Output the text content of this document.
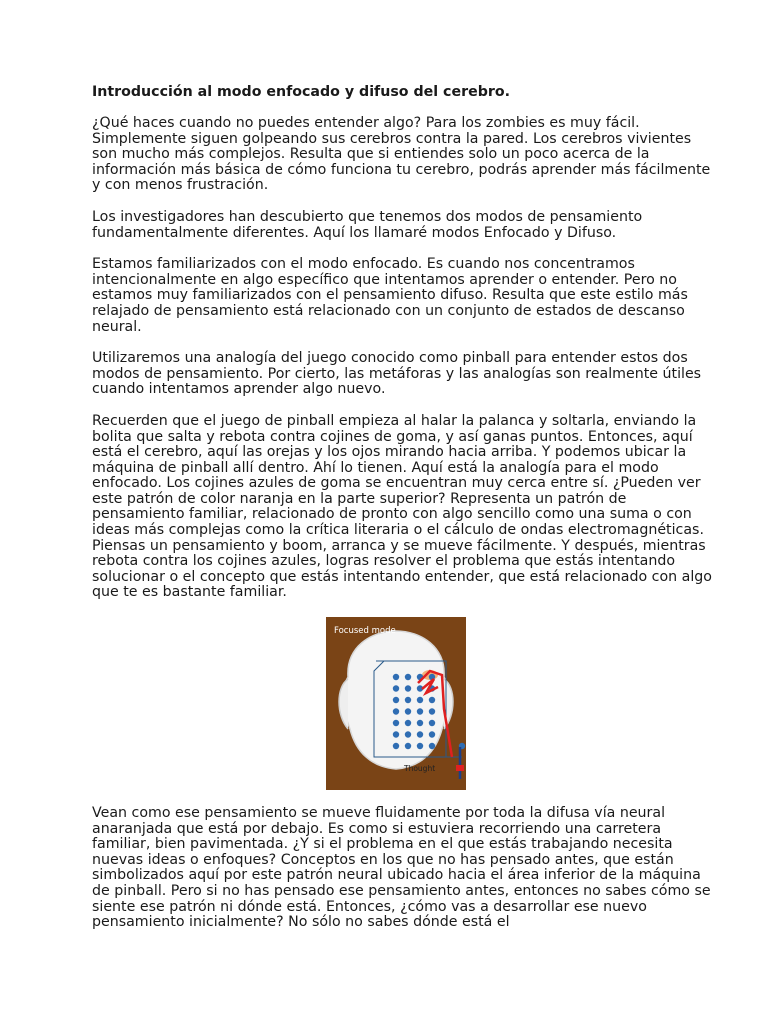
Introducción al modo enfocado y difuso del cerebro.

¿Qué haces cuando no puedes entender algo? Para los zombies es muy fácil. Simplemente siguen golpeando sus cerebros contra la pared. Los cerebros vivientes son mucho más complejos. Resulta que si entiendes solo un poco acerca de la información más básica de cómo funciona tu cerebro, podrás aprender más fácilmente y con menos frustración.

Los investigadores han descubierto que tenemos dos modos de pensamiento fundamentalmente diferentes. Aquí los llamaré modos Enfocado y Difuso.

Estamos familiarizados con el modo enfocado. Es cuando nos concentramos intencionalmente en algo específico que intentamos aprender o entender. Pero no estamos muy familiarizados con el pensamiento difuso. Resulta que este estilo más relajado de pensamiento está relacionado con un conjunto de estados de descanso neural.

Utilizaremos una analogía del juego conocido como pinball para entender estos dos modos de pensamiento. Por cierto, las metáforas y las analogías son realmente útiles cuando intentamos aprender algo nuevo.

Recuerden que el juego de pinball empieza al halar la palanca y soltarla, enviando la bolita que salta y rebota contra cojines de goma, y así ganas puntos. Entonces, aquí está el cerebro, aquí las orejas y los ojos mirando hacia arriba. Y podemos ubicar la máquina de pinball allí dentro. Ahí lo tienen. Aquí está la analogía para el modo enfocado. Los cojines azules de goma se encuentran muy cerca entre sí. ¿Pueden ver este patrón de color naranja en la parte superior? Representa un patrón de pensamiento familiar, relacionado de pronto con algo sencillo como una suma o con ideas más complejas como la crítica literaria o el cálculo de ondas electromagnéticas. Piensas un pensamiento y boom, arranca y se mueve fácilmente. Y después, mientras rebota contra los cojines azules, logras resolver el problema que estás intentando solucionar o el concepto que estás intentando entender, que está relacionado con algo que te es bastante familiar.

Focused mode
Thought

Vean como ese pensamiento se mueve fluidamente por toda la difusa vía neural anaranjada que está por debajo. Es como si estuviera recorriendo una carretera familiar, bien pavimentada. ¿Y si el problema en el que estás trabajando necesita nuevas ideas o enfoques? Conceptos en los que no has pensado antes, que están simbolizados aquí por este patrón neural ubicado hacia el área inferior de la máquina de pinball. Pero si no has pensado ese pensamiento antes, entonces no sabes cómo se siente ese patrón ni dónde está. Entonces, ¿cómo vas a desarrollar ese nuevo pensamiento inicialmente? No sólo no sabes dónde está el
